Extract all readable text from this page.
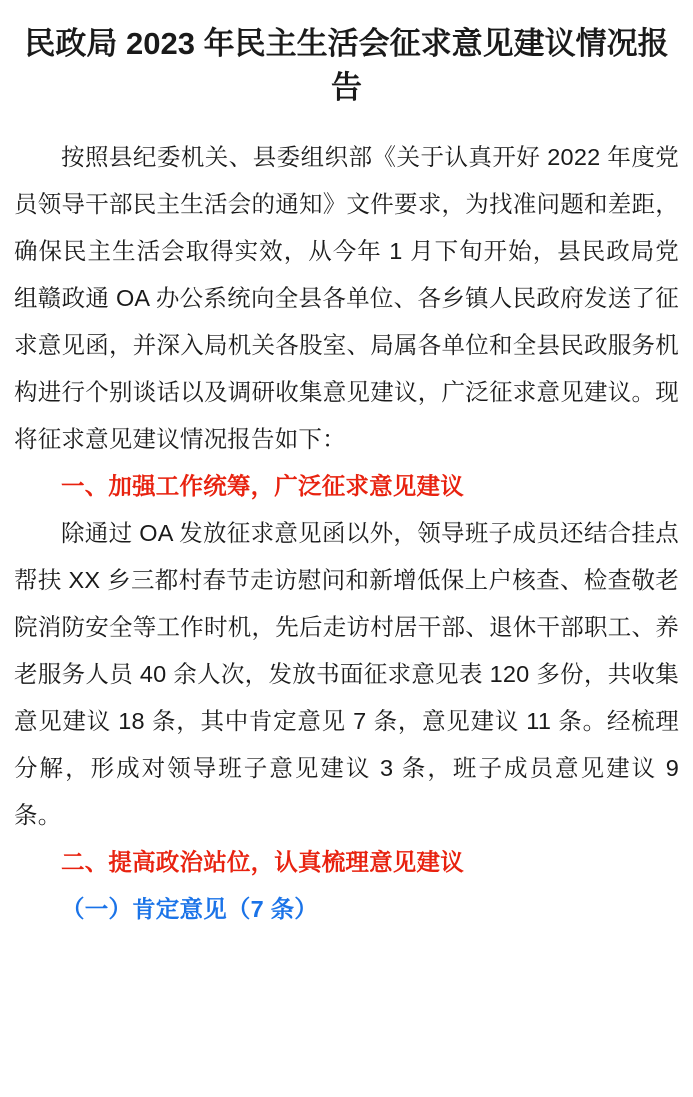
民政局 2023 年民主生活会征求意见建议情况报告

按照县纪委机关、县委组织部《关于认真开好 2022 年度党员领导干部民主生活会的通知》文件要求，为找准问题和差距，确保民主生活会取得实效，从今年 1 月下旬开始，县民政局党组赣政通 OA 办公系统向全县各单位、各乡镇人民政府发送了征求意见函，并深入局机关各股室、局属各单位和全县民政服务机构进行个别谈话以及调研收集意见建议，广泛征求意见建议。现将征求意见建议情况报告如下：

一、加强工作统筹，广泛征求意见建议

除通过 OA 发放征求意见函以外，领导班子成员还结合挂点帮扶 XX 乡三都村春节走访慰问和新增低保上户核查、检查敬老院消防安全等工作时机，先后走访村居干部、退休干部职工、养老服务人员 40 余人次，发放书面征求意见表 120 多份，共收集意见建议 18 条，其中肯定意见 7 条，意见建议 11 条。经梳理分解，形成对领导班子意见建议 3 条，班子成员意见建议 9 条。

二、提高政治站位，认真梳理意见建议
（一）肯定意见（7 条）
